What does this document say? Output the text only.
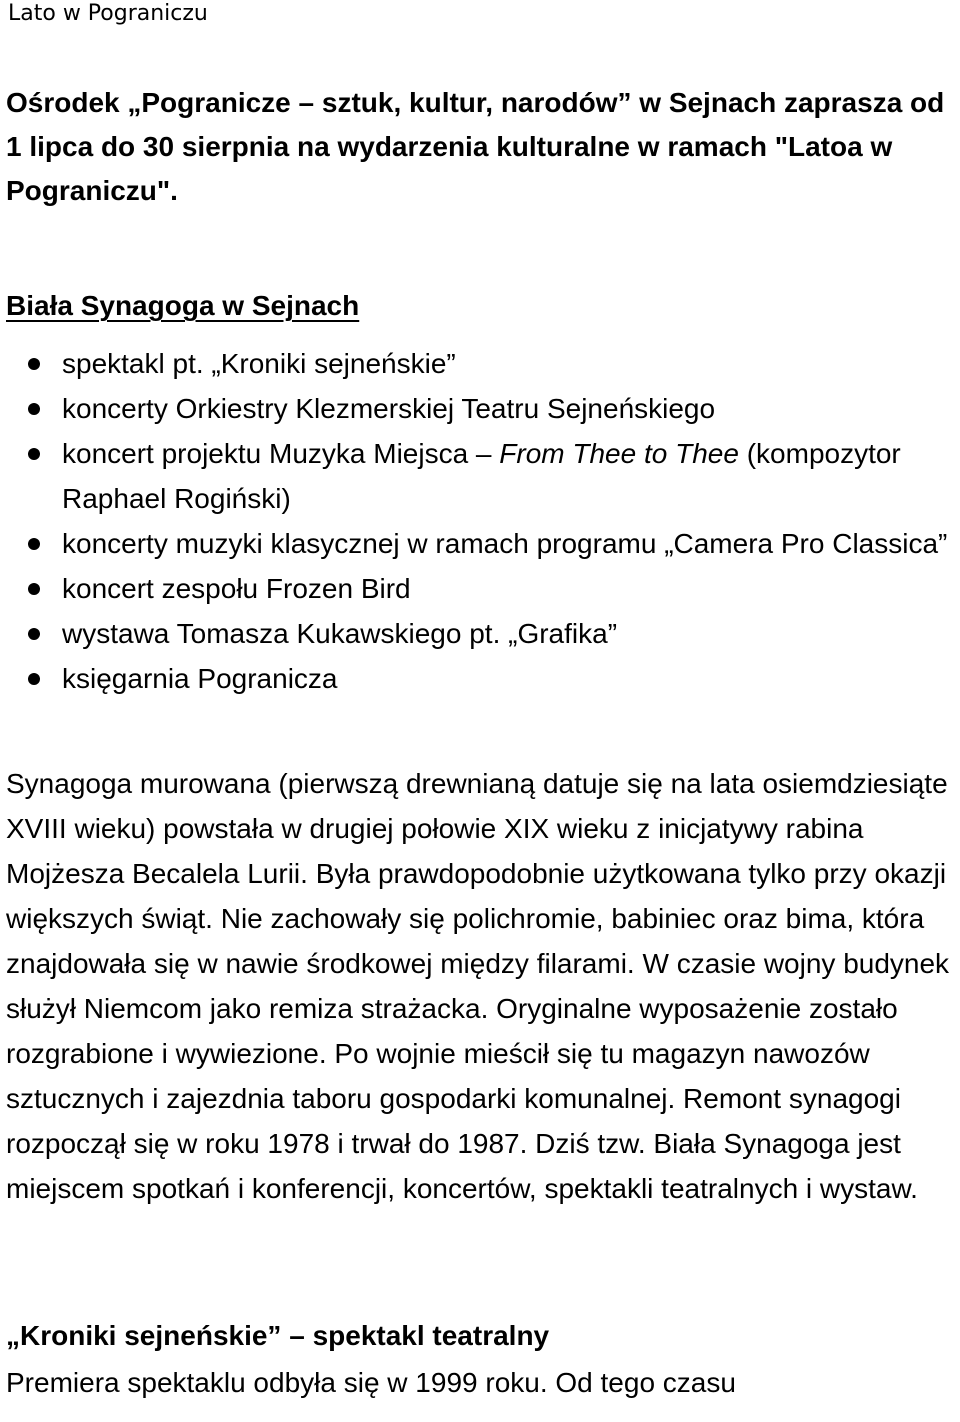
Lato w Pograniczu
Ośrodek „Pogranicze – sztuk, kultur, narodów” w Sejnach zaprasza od 1 lipca do 30 sierpnia na wydarzenia kulturalne w ramach "Latoa w Pograniczu".
Biała Synagoga w Sejnach
spektakl pt. „Kroniki sejneńskie”
koncerty Orkiestry Klezmerskiej Teatru Sejneńskiego
koncert projektu Muzyka Miejsca – From Thee to Thee (kompozytor Raphael Rogiński)
koncerty muzyki klasycznej w ramach programu „Camera Pro Classica”
koncert zespołu Frozen Bird
wystawa Tomasza Kukawskiego pt. „Grafika”
księgarnia Pogranicza

Synagoga murowana (pierwszą drewnianą datuje się na lata osiemdziesiąte XVIII wieku) powstała w drugiej połowie XIX wieku z inicjatywy rabina Mojżesza Becalela Lurii. Była prawdopodobnie użytkowana tylko przy okazji większych świąt. Nie zachowały się polichromie, babiniec oraz bima, która znajdowała się w nawie środkowej między filarami. W czasie wojny budynek służył Niemcom jako remiza strażacka. Oryginalne wyposażenie zostało rozgrabione i wywiezione. Po wojnie mieścił się tu magazyn nawozów sztucznych i zajezdnia taboru gospodarki komunalnej. Remont synagogi rozpoczął się w roku 1978 i trwał do 1987. Dziś tzw. Biała Synagoga jest miejscem spotkań i konferencji, koncertów, spektakli teatralnych i wystaw.

„Kroniki sejneńskie” – spektakl teatralny

Premiera spektaklu odbyła się w 1999 roku. Od tego czasu
